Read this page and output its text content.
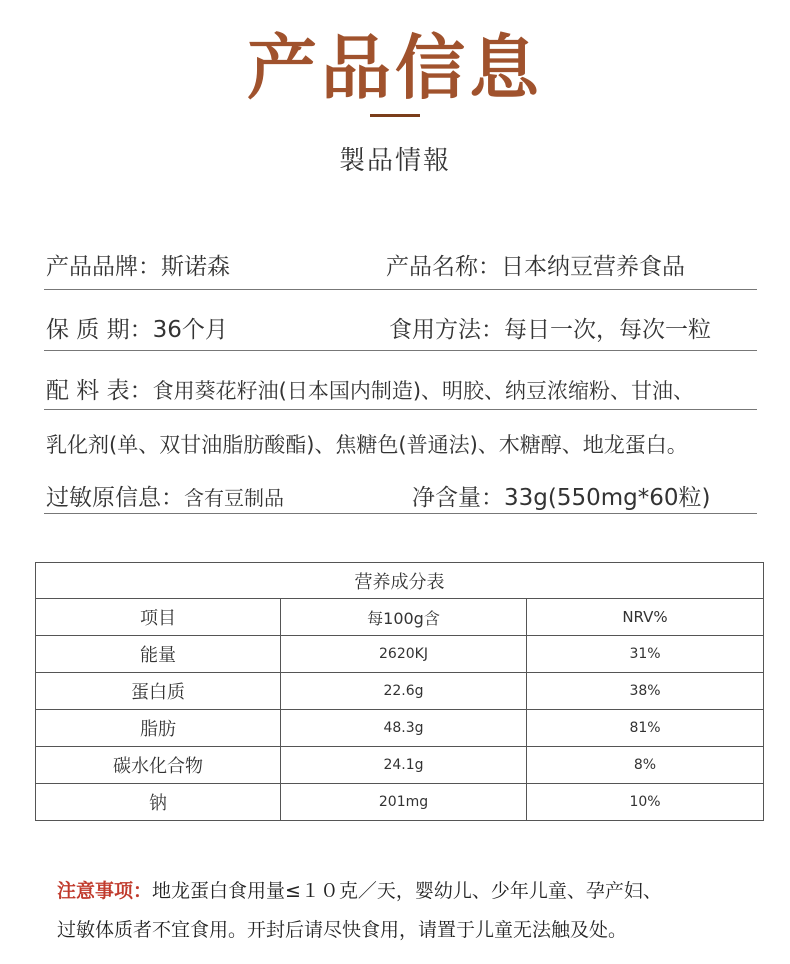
产品信息
製品情報
产品品牌：斯诺森	产品名称：日本纳豆营养食品
保 质 期：36个月	食用方法：每日一次，每次一粒
配 料 表：食用葵花籽油(日本国内制造)、明胶、纳豆浓缩粉、甘油、
乳化剂(单、双甘油脂肪酸酯)、焦糖色(普通法)、木糖醇、地龙蛋白。
过敏原信息：含有豆制品	净含量：33g(550mg*60粒)
营养成分表		
项目	每100g含	NRV%
能量	2620KJ	31%
蛋白质	22.6g	38%
脂肪	48.3g	81%
碳水化合物	24.1g	8%
钠	201mg	10%
注意事项：地龙蛋白食用量≤１０克／天，婴幼儿、少年儿童、孕产妇、
过敏体质者不宜食用。开封后请尽快食用，请置于儿童无法触及处。
